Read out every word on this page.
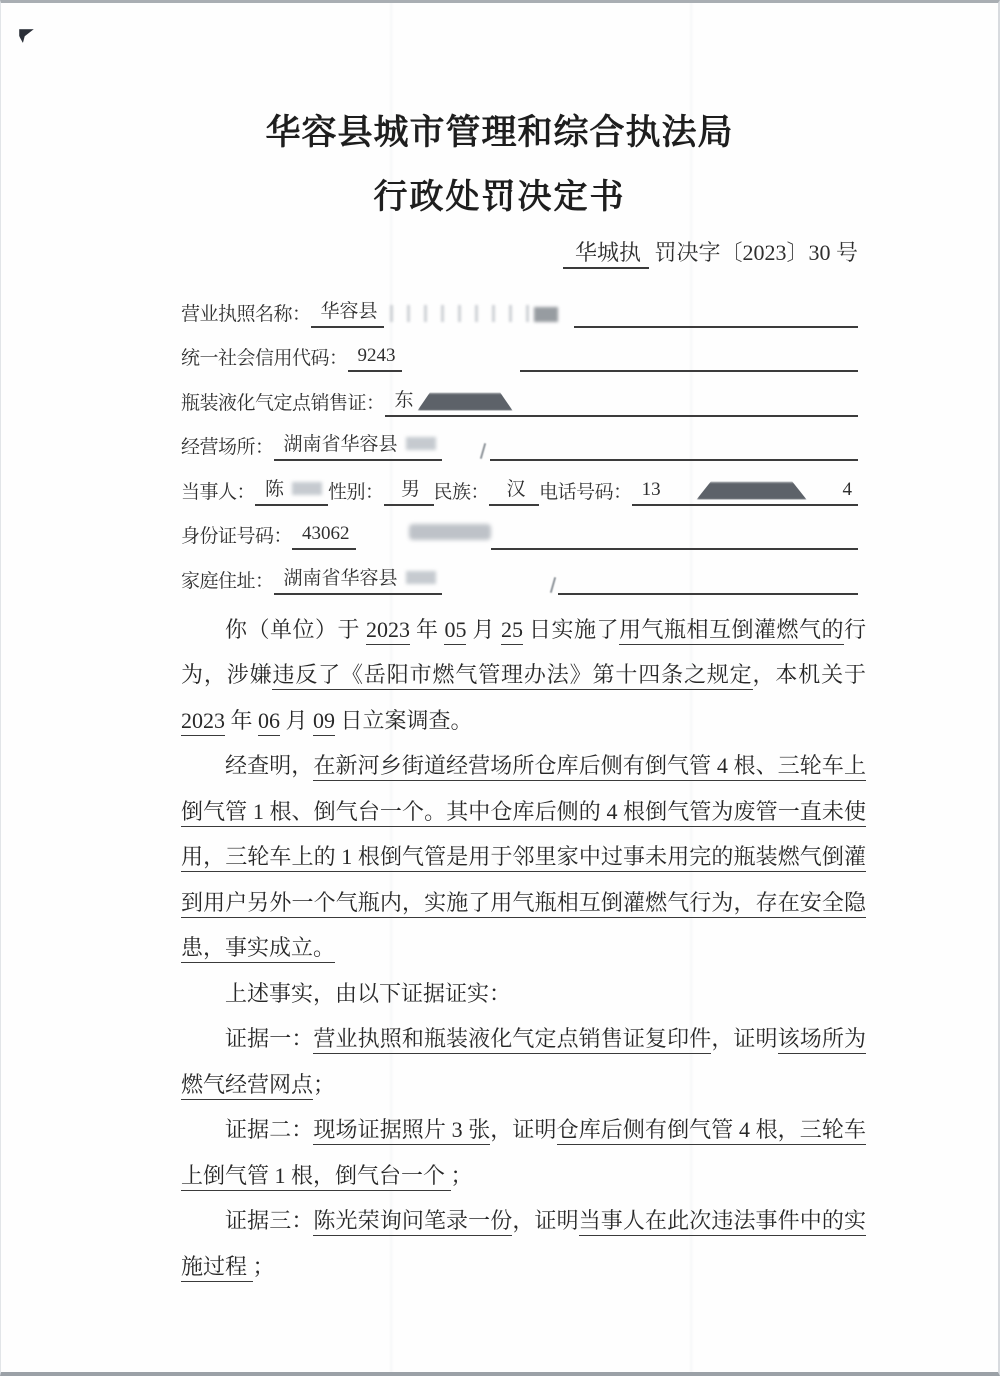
华容县城市管理和综合执法局
行政处罚决定书
华城执 罚决字〔2023〕30 号
营业执照名称： 华容县
统一社会信用代码： 9243
瓶装液化气定点销售证： 东
经营场所： 湖南省华容县
当事人： 陈	性别： 男 民族： 汉 电话号码： 13	4
身份证号码： 43062
家庭住址： 湖南省华容县

你（单位）于 2023 年 05 月 25 日实施了用气瓶相互倒灌燃气的行为，涉嫌违反了《岳阳市燃气管理办法》第十四条之规定，本机关于 2023 年 06 月 09 日立案调查。

经查明，在新河乡街道经营场所仓库后侧有倒气管 4 根、三轮车上倒气管 1 根、倒气台一个。其中仓库后侧的 4 根倒气管为废管一直未使用，三轮车上的 1 根倒气管是用于邻里家中过事未用完的瓶装燃气倒灌到用户另外一个气瓶内，实施了用气瓶相互倒灌燃气行为，存在安全隐患，事实成立。

上述事实，由以下证据证实：

证据一：营业执照和瓶装液化气定点销售证复印件，证明该场所为燃气经营网点；

证据二：现场证据照片 3 张，证明仓库后侧有倒气管 4 根，三轮车上倒气管 1 根，倒气台一个 ；

证据三：陈光荣询问笔录一份，证明当事人在此次违法事件中的实施过程 ；
